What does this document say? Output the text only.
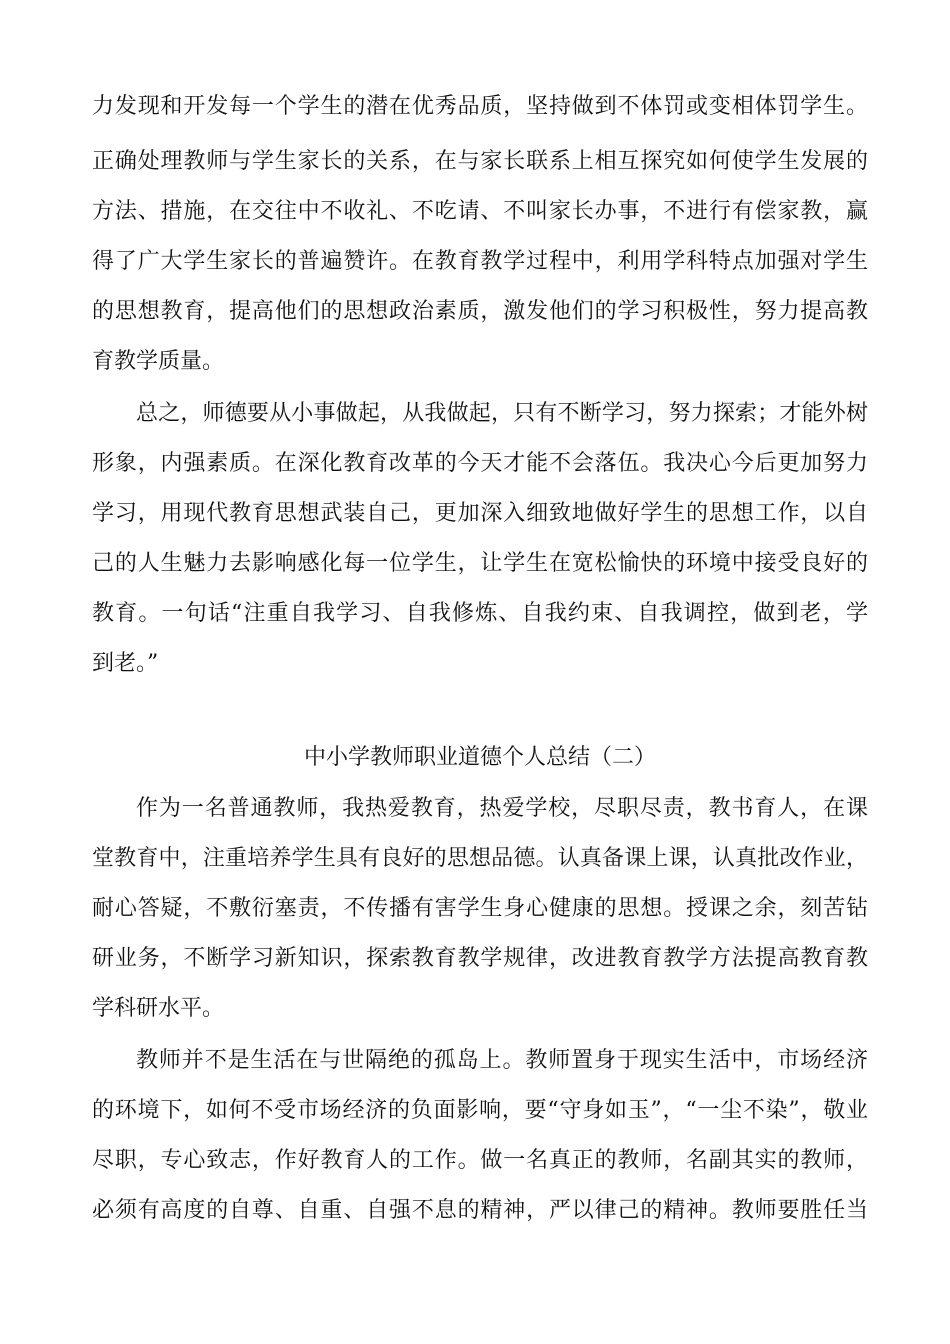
力发现和开发每一个学生的潜在优秀品质，坚持做到不体罚或变相体罚学生。
正确处理教师与学生家长的关系，在与家长联系上相互探究如何使学生发展的
方法、措施，在交往中不收礼、不吃请、不叫家长办事，不进行有偿家教，赢
得了广大学生家长的普遍赞许。在教育教学过程中，利用学科特点加强对学生
的思想教育，提高他们的思想政治素质，激发他们的学习积极性，努力提高教
育教学质量。
总之，师德要从小事做起，从我做起，只有不断学习，努力探索；才能外树
形象，内强素质。在深化教育改革的今天才能不会落伍。我决心今后更加努力
学习，用现代教育思想武装自己，更加深入细致地做好学生的思想工作，以自
己的人生魅力去影响感化每一位学生，让学生在宽松愉快的环境中接受良好的
教育。一句话“注重自我学习、自我修炼、自我约束、自我调控，做到老，学
到老。”
中小学教师职业道德个人总结（二）
作为一名普通教师，我热爱教育，热爱学校，尽职尽责，教书育人，在课
堂教育中，注重培养学生具有良好的思想品德。认真备课上课，认真批改作业，
耐心答疑，不敷衍塞责，不传播有害学生身心健康的思想。授课之余，刻苦钻
研业务，不断学习新知识，探索教育教学规律，改进教育教学方法提高教育教
学科研水平。
教师并不是生活在与世隔绝的孤岛上。教师置身于现实生活中，市场经济
的环境下，如何不受市场经济的负面影响，要“守身如玉”，“一尘不染”，敬业
尽职，专心致志，作好教育人的工作。做一名真正的教师，名副其实的教师，
必须有高度的自尊、自重、自强不息的精神，严以律己的精神。教师要胜任当
